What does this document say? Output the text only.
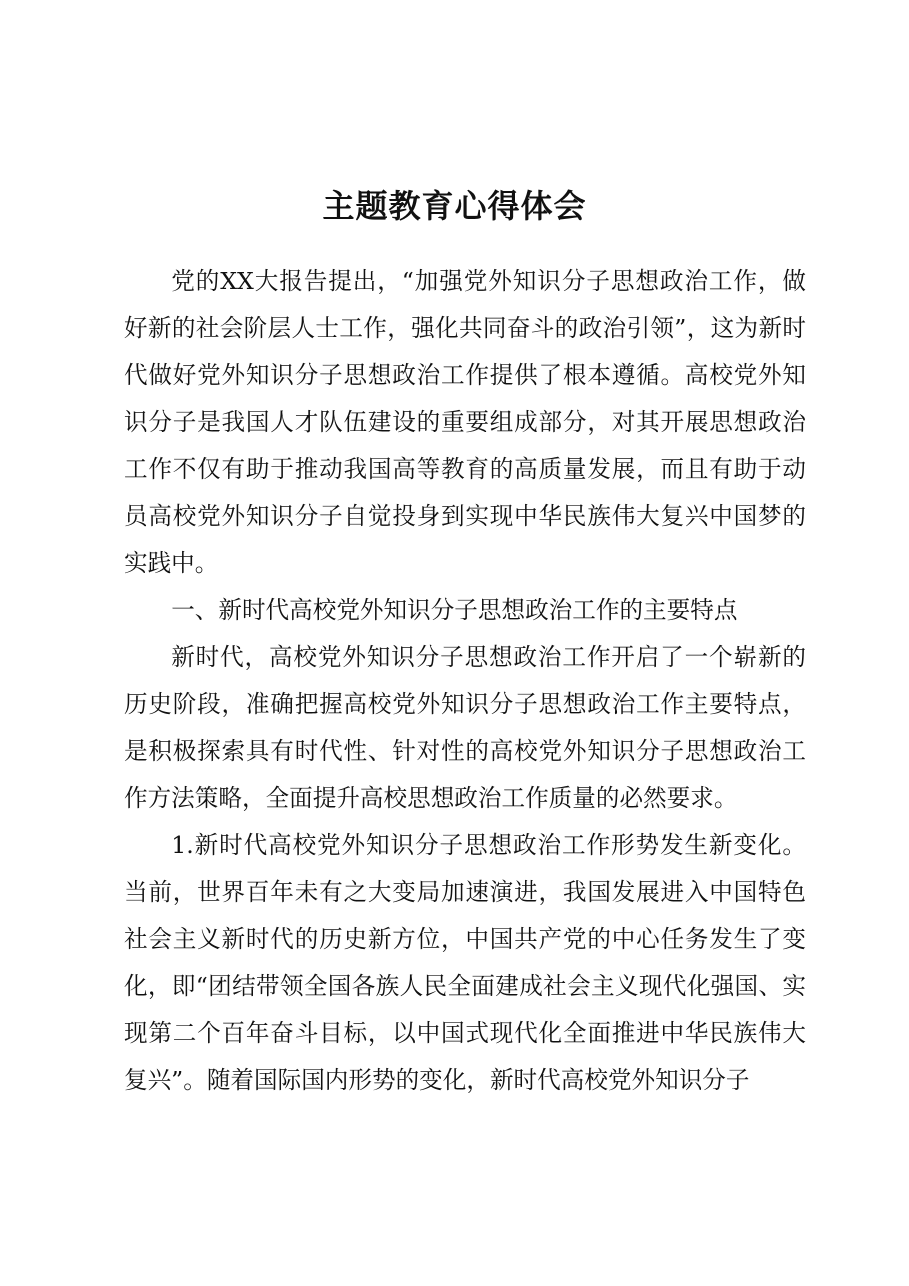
主题教育心得体会

党的XX大报告提出，“加强党外知识分子思想政治工作，做好新的社会阶层人士工作，强化共同奋斗的政治引领”，这为新时代做好党外知识分子思想政治工作提供了根本遵循。高校党外知识分子是我国人才队伍建设的重要组成部分，对其开展思想政治工作不仅有助于推动我国高等教育的高质量发展，而且有助于动员高校党外知识分子自觉投身到实现中华民族伟大复兴中国梦的实践中。

一、新时代高校党外知识分子思想政治工作的主要特点

新时代，高校党外知识分子思想政治工作开启了一个崭新的历史阶段，准确把握高校党外知识分子思想政治工作主要特点，是积极探索具有时代性、针对性的高校党外知识分子思想政治工作方法策略，全面提升高校思想政治工作质量的必然要求。

1.新时代高校党外知识分子思想政治工作形势发生新变化。当前，世界百年未有之大变局加速演进，我国发展进入中国特色社会主义新时代的历史新方位，中国共产党的中心任务发生了变化，即“团结带领全国各族人民全面建成社会主义现代化强国、实现第二个百年奋斗目标，以中国式现代化全面推进中华民族伟大复兴”。随着国际国内形势的变化，新时代高校党外知识分子
